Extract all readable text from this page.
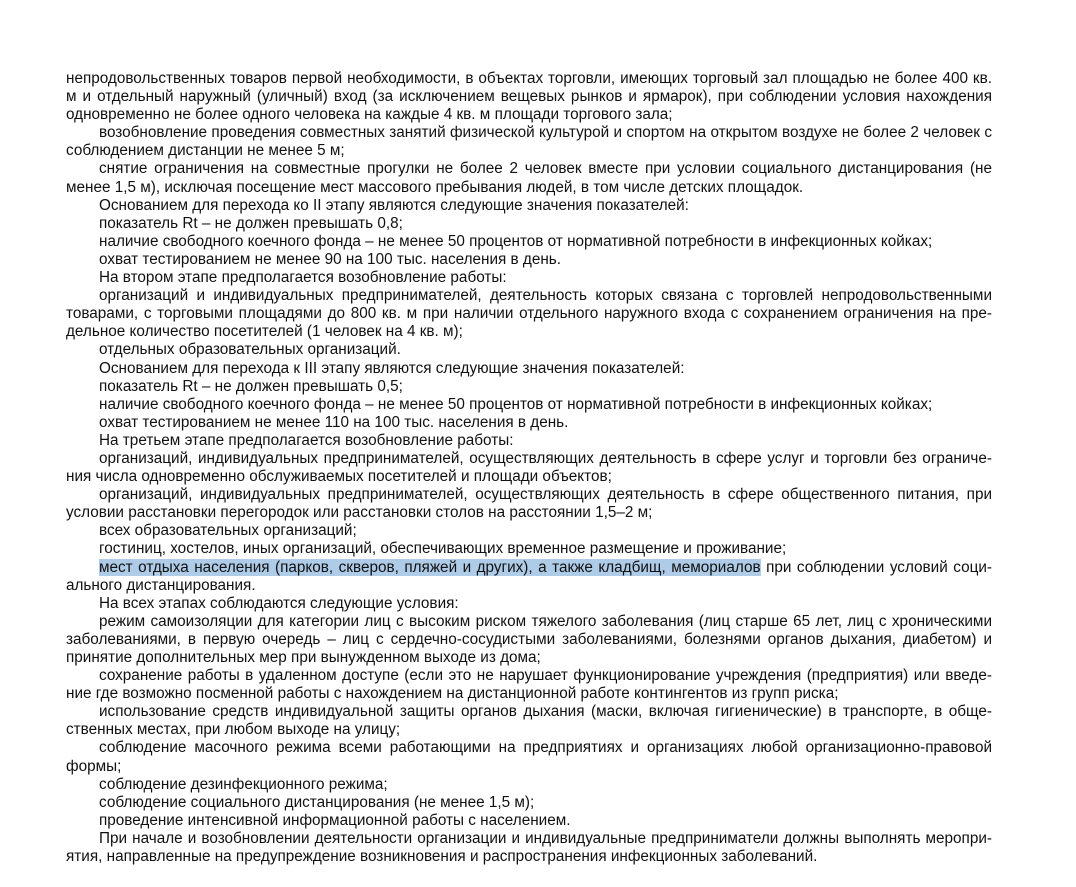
непродовольственных товаров первой необходимости, в объектах торговли, имеющих торговый зал площадью не более 400 кв. м и отдельный наружный (уличный) вход (за исключением вещевых рынков и ярмарок), при соблюдении условия нахождения одновременно не более одного человека на каждые 4 кв. м площади торгового зала;

возобновление проведения совместных занятий физической культурой и спортом на открытом воздухе не более 2 человек с соблюдением дистанции не менее 5 м;

снятие ограничения на совместные прогулки не более 2 человек вместе при условии социального дистанцирования (не менее 1,5 м), исключая посещение мест массового пребывания людей, в том числе детских площадок.

Основанием для перехода ко II этапу являются следующие значения показателей:

показатель Rt – не должен превышать 0,8;

наличие свободного коечного фонда – не менее 50 процентов от нормативной потребности в инфекционных койках;

охват тестированием не менее 90 на 100 тыс. населения в день.

На втором этапе предполагается возобновление работы:

организаций и индивидуальных предпринимателей, деятельность которых связана с торговлей непродовольственными товарами, с торговыми площадями до 800 кв. м при наличии отдельного наружного входа с сохранением ограничения на предельное количество посетителей (1 человек на 4 кв. м);

отдельных образовательных организаций.

Основанием для перехода к III этапу являются следующие значения показателей:

показатель Rt – не должен превышать 0,5;

наличие свободного коечного фонда – не менее 50 процентов от нормативной потребности в инфекционных койках;

охват тестированием не менее 110 на 100 тыс. населения в день.

На третьем этапе предполагается возобновление работы:

организаций, индивидуальных предпринимателей, осуществляющих деятельность в сфере услуг и торговли без ограничения числа одновременно обслуживаемых посетителей и площади объектов;

организаций, индивидуальных предпринимателей, осуществляющих деятельность в сфере общественного питания, при условии расстановки перегородок или расстановки столов на расстоянии 1,5–2 м;

всех образовательных организаций;

гостиниц, хостелов, иных организаций, обеспечивающих временное размещение и проживание;

мест отдыха населения (парков, скверов, пляжей и других), а также кладбищ, мемориалов при соблюдении условий социального дистанцирования.

На всех этапах соблюдаются следующие условия:

режим самоизоляции для категории лиц с высоким риском тяжелого заболевания (лиц старше 65 лет, лиц с хроническими заболеваниями, в первую очередь – лиц с сердечно-сосудистыми заболеваниями, болезнями органов дыхания, диабетом) и принятие дополнительных мер при вынужденном выходе из дома;

сохранение работы в удаленном доступе (если это не нарушает функционирование учреждения (предприятия) или введение где возможно посменной работы с нахождением на дистанционной работе контингентов из групп риска;

использование средств индивидуальной защиты органов дыхания (маски, включая гигиенические) в транспорте, в общественных местах, при любом выходе на улицу;

соблюдение масочного режима всеми работающими на предприятиях и организациях любой организационно-правовой формы;

соблюдение дезинфекционного режима;

соблюдение социального дистанцирования (не менее 1,5 м);

проведение интенсивной информационной работы с населением.

При начале и возобновлении деятельности организации и индивидуальные предприниматели должны выполнять мероприятия, направленные на предупреждение возникновения и распространения инфекционных заболеваний.
